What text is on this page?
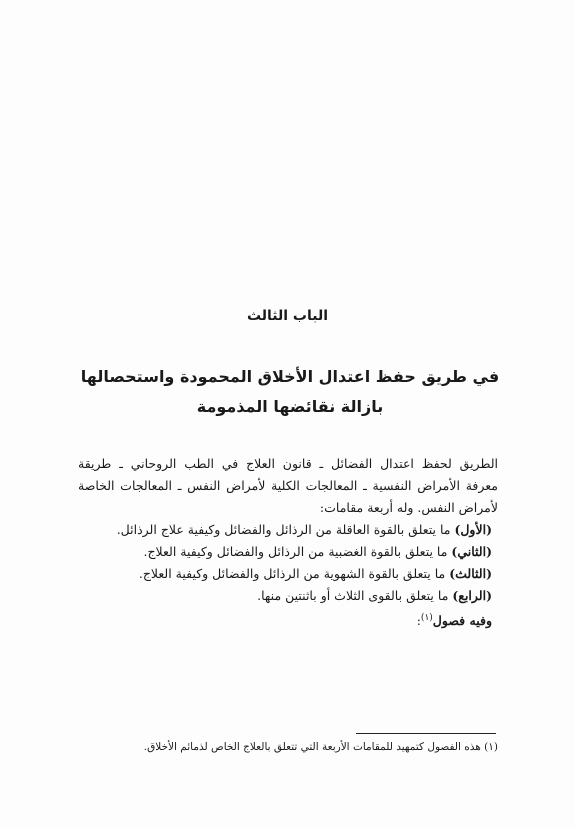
الباب الثالث
في طريق حفظ اعتدال الأخلاق المحمودة واستحصالها
بازالة نقائضها المذمومة

الطريق لحفظ اعتدال الفضائل ـ قانون العلاج في الطب الروحاني ـ طريقة

معرفة الأمراض النفسية ـ المعالجات الكلية لأمراض النفس ـ المعالجات الخاصة

لأمراض النفس. وله أربعة مقامات:

(الأول) ما يتعلق بالقوة العاقلة من الرذائل والفضائل وكيفية علاج الرذائل.

(الثاني) ما يتعلق بالقوة الغضبية من الرذائل والفضائل وكيفية العلاج.

(الثالث) ما يتعلق بالقوة الشهوية من الرذائل والفضائل وكيفية العلاج.

(الرابع) ما يتعلق بالقوى الثلاث أو باثنتين منها.

وفيه فصول$^{(١)}$:

(١) هذه الفصول كتمهيد للمقامات الأربعة التي تتعلق بالعلاج الخاص لذمائم الأخلاق.
